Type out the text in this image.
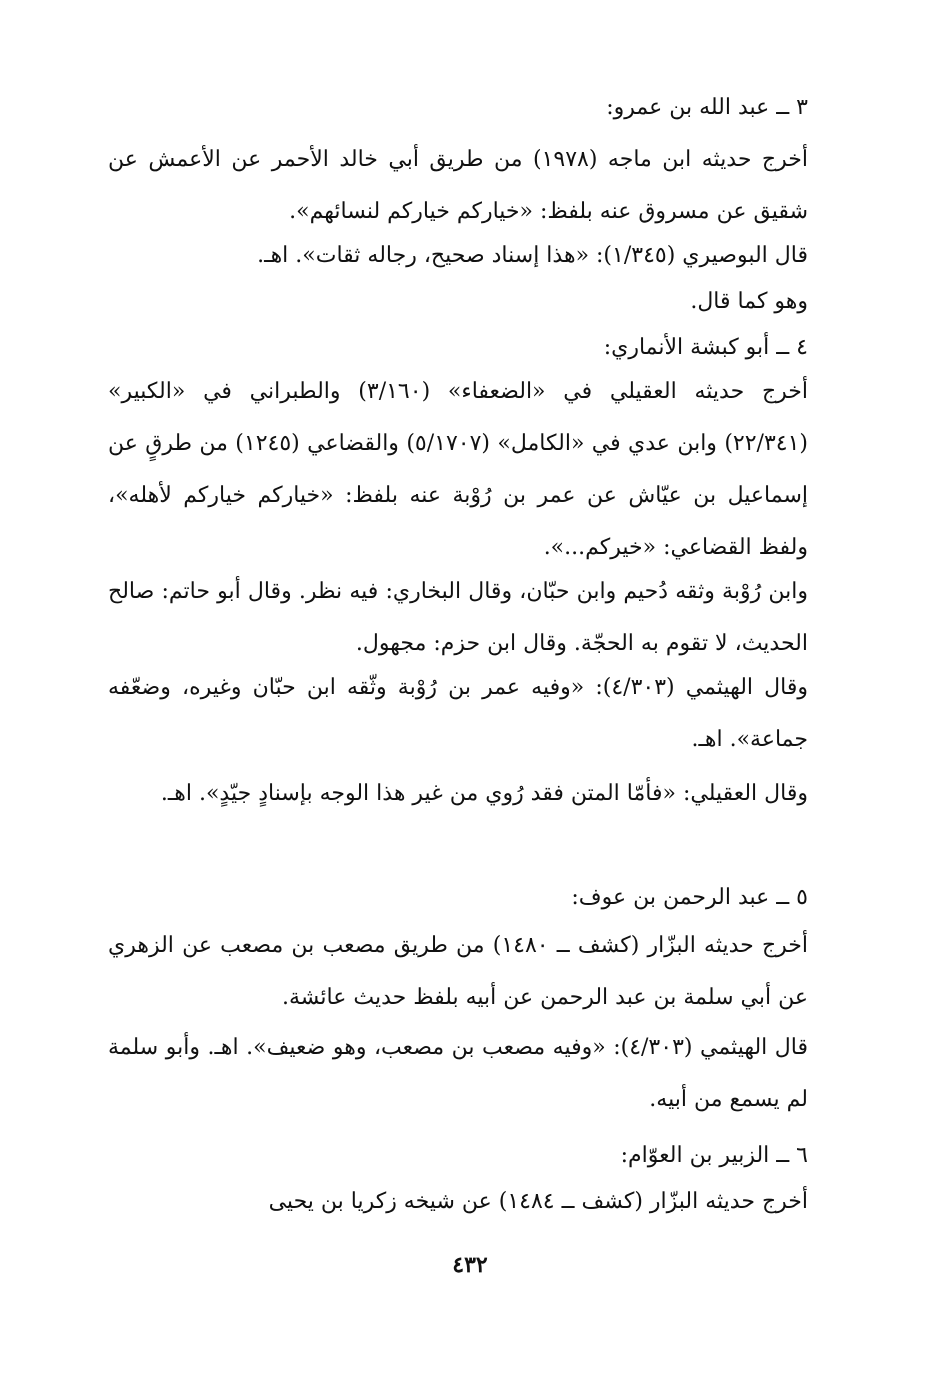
٣ ــ عبد الله بن عمرو:
أخرج حديثه ابن ماجه (١٩٧٨) من طريق أبي خالد الأحمر عن الأعمش عن شقيق عن مسروق عنه بلفظ: «خياركم خياركم لنسائهم».
قال البوصيري (١/٣٤٥): «هذا إسناد صحيح، رجاله ثقات». اهـ.
وهو كما قال.
٤ ــ أبو كبشة الأنماري:
أخرج حديثه العقيلي في «الضعفاء» (٣/١٦٠) والطبراني في «الكبير» (٢٢/٣٤١) وابن عدي في «الكامل» (٥/١٧٠٧) والقضاعي (١٢٤٥) من طرقٍ عن إسماعيل بن عيّاش عن عمر بن رُوْبة عنه بلفظ: «خياركم خياركم لأهله»، ولفظ القضاعي: «خيركم...».
وابن رُوْبة وثقه دُحيم وابن حبّان، وقال البخاري: فيه نظر. وقال أبو حاتم: صالح الحديث، لا تقوم به الحجّة. وقال ابن حزم: مجهول.
وقال الهيثمي (٤/٣٠٣): «وفيه عمر بن رُوْبة وثّقه ابن حبّان وغيره، وضعّفه جماعة». اهـ.
وقال العقيلي: «فأمّا المتن فقد رُوي من غير هذا الوجه بإسنادٍ جيّدٍ». اهـ.
٥ ــ عبد الرحمن بن عوف:
أخرج حديثه البزّار (كشف ــ ١٤٨٠) من طريق مصعب بن مصعب عن الزهري عن أبي سلمة بن عبد الرحمن عن أبيه بلفظ حديث عائشة.
قال الهيثمي (٤/٣٠٣): «وفيه مصعب بن مصعب، وهو ضعيف». اهـ. وأبو سلمة لم يسمع من أبيه.
٦ ــ الزبير بن العوّام:
أخرج حديثه البزّار (كشف ــ ١٤٨٤) عن شيخه زكريا بن يحيى
٤٣٢
